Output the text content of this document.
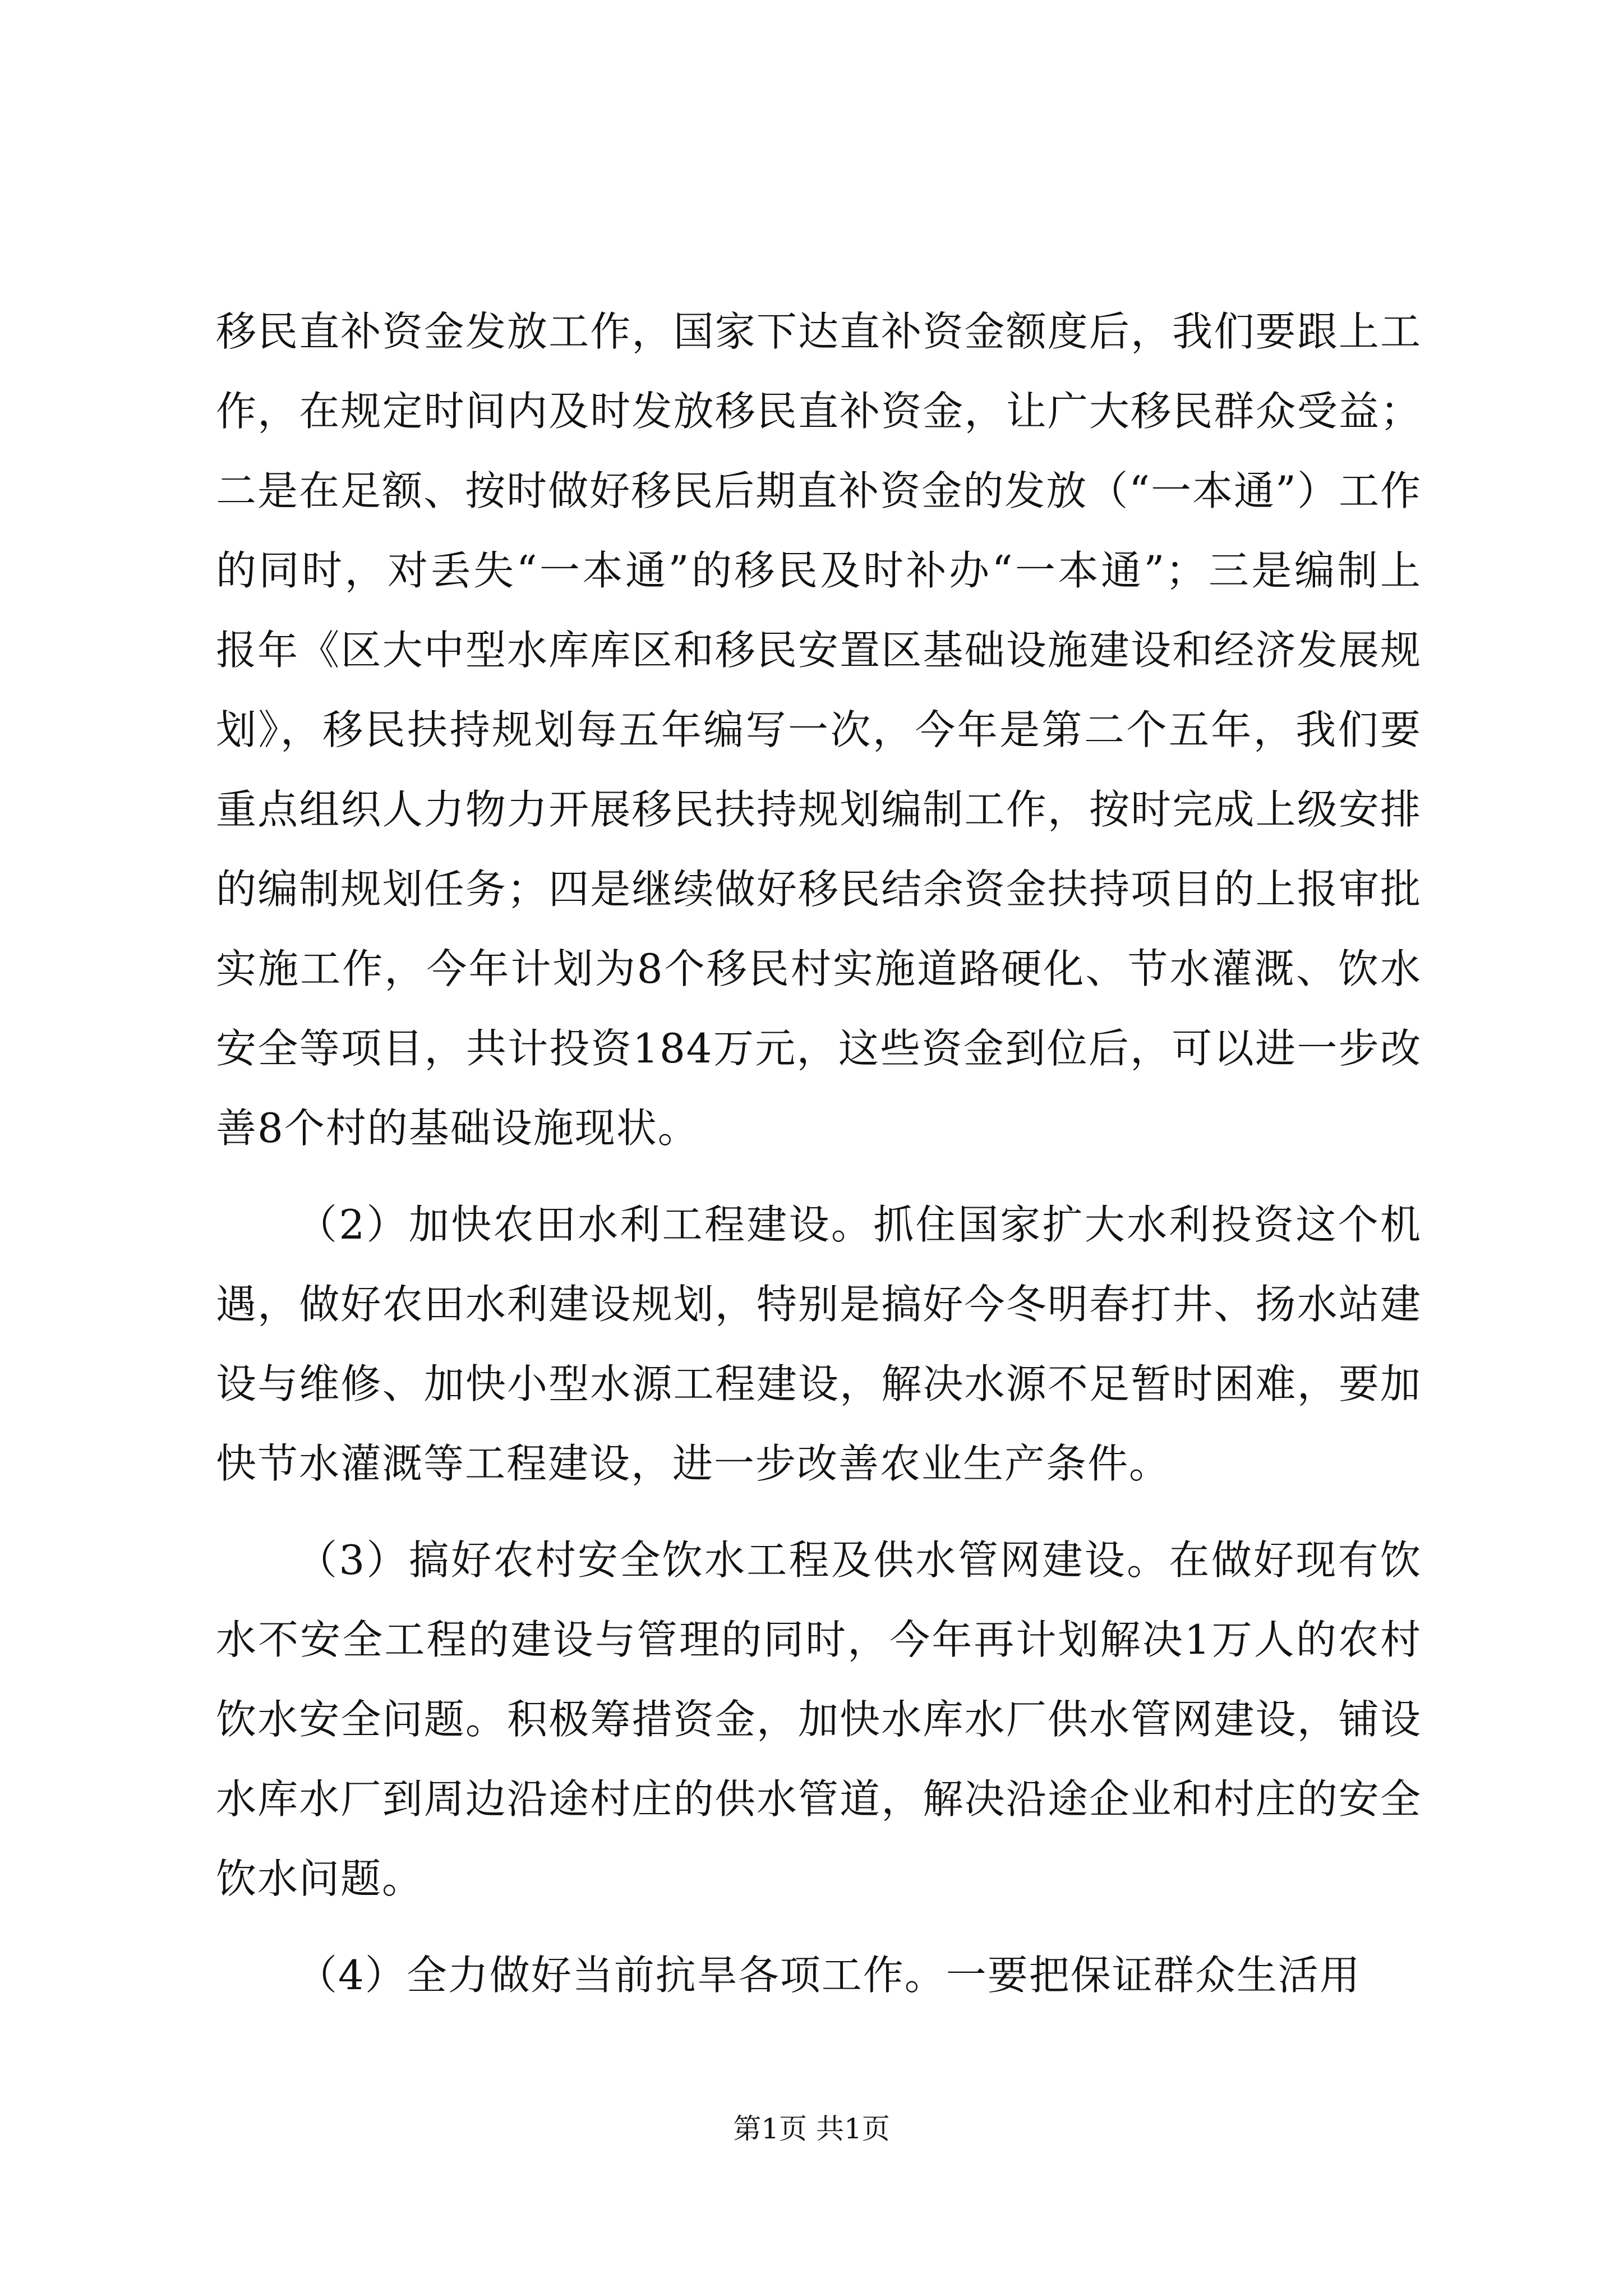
移民直补资金发放工作，国家下达直补资金额度后，我们要跟上工作，在规定时间内及时发放移民直补资金，让广大移民群众受益；二是在足额、按时做好移民后期直补资金的发放（“一本通”）工作的同时，对丢失“一本通”的移民及时补办“一本通”；三是编制上报年《区大中型水库库区和移民安置区基础设施建设和经济发展规划》，移民扶持规划每五年编写一次，今年是第二个五年，我们要重点组织人力物力开展移民扶持规划编制工作，按时完成上级安排的编制规划任务；四是继续做好移民结余资金扶持项目的上报审批实施工作，今年计划为8个移民村实施道路硬化、节水灌溉、饮水安全等项目，共计投资184万元，这些资金到位后，可以进一步改善8个村的基础设施现状。

（2）加快农田水利工程建设。抓住国家扩大水利投资这个机遇，做好农田水利建设规划，特别是搞好今冬明春打井、扬水站建设与维修、加快小型水源工程建设，解决水源不足暂时困难，要加快节水灌溉等工程建设，进一步改善农业生产条件。

（3）搞好农村安全饮水工程及供水管网建设。在做好现有饮水不安全工程的建设与管理的同时，今年再计划解决1万人的农村饮水安全问题。积极筹措资金，加快水库水厂供水管网建设，铺设水库水厂到周边沿途村庄的供水管道，解决沿途企业和村庄的安全饮水问题。

（4）全力做好当前抗旱各项工作。一要把保证群众生活用

第1页 共1页
